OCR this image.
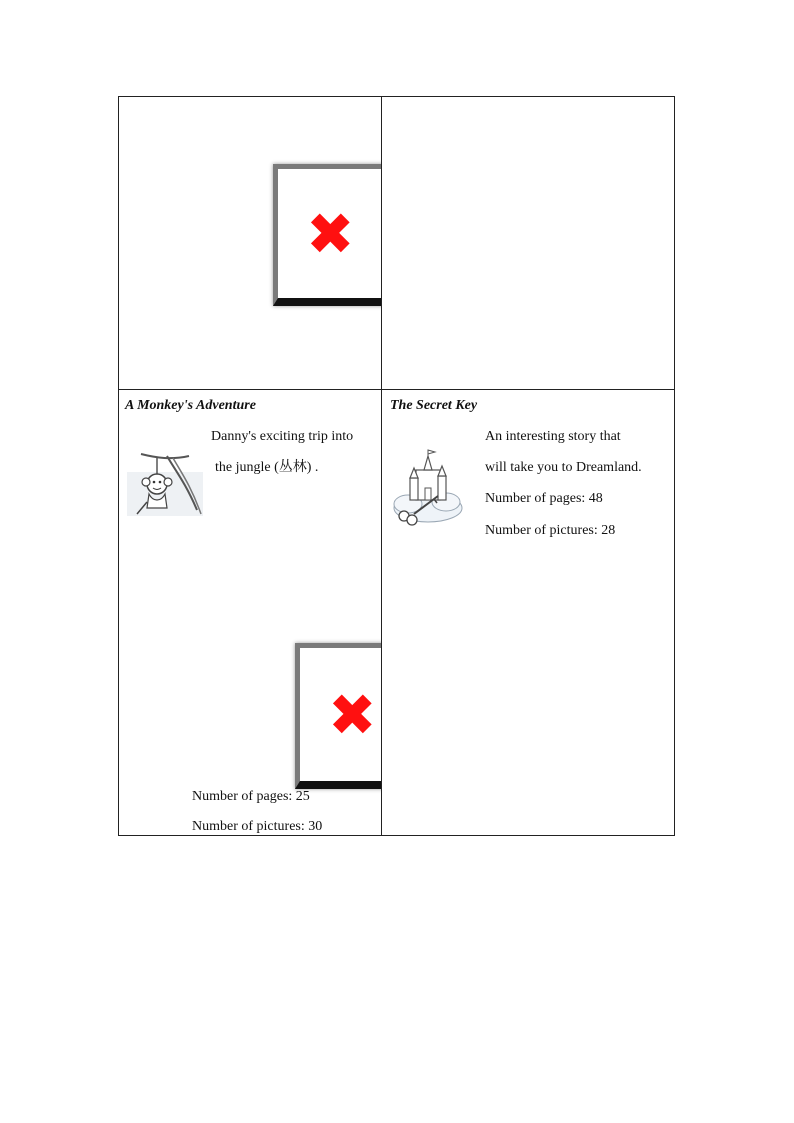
✖
A Monkey's Adventure
Danny's exciting trip into
the jungle (丛林) .
✖
Number of pages: 25
Number of pictures: 30
The Secret Key
An interesting story that
will take you to Dreamland.
Number of pages: 48
Number of pictures: 28
